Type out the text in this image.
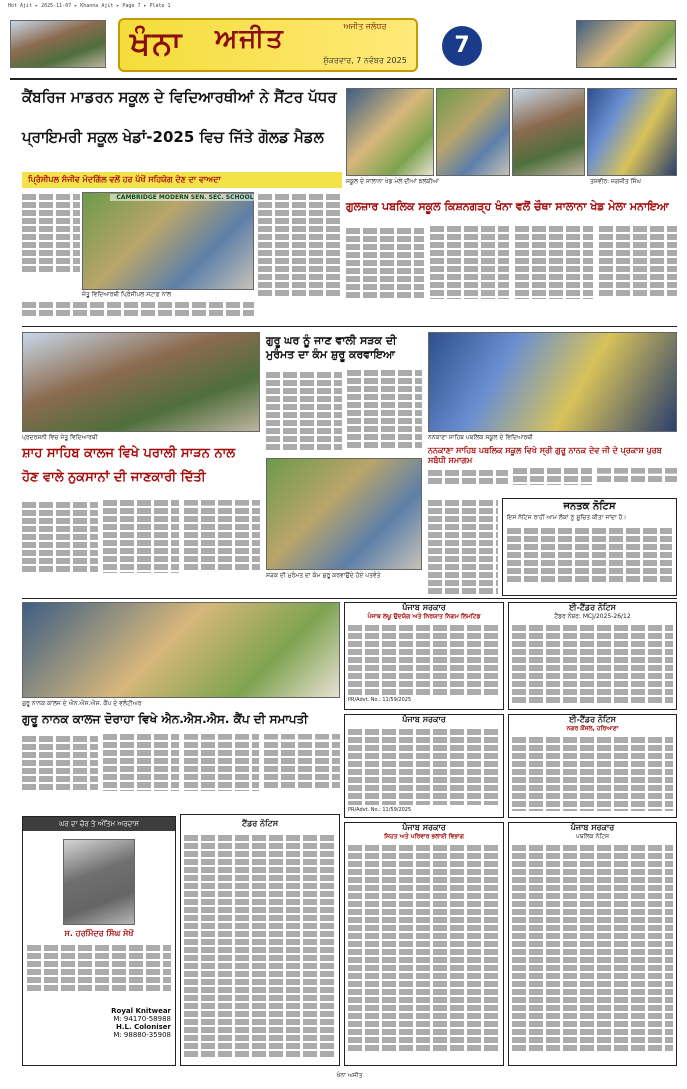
Hot Ajit ▸ 2025-11-07 ▸ Khanna Ajit ▸ Page 7 ▸ Plate 1
ਖੰਨਾ ਅਜੀਤ	ਅਜੀਤ ਜਲੰਧਰ
ਸ਼ੁੱਕਰਵਾਰ, 7 ਨਵੰਬਰ 2025
7
ਕੈਂਬਰਿਜ ਮਾਡਰਨ ਸਕੂਲ ਦੇ ਵਿਦਿਆਰਥੀਆਂ ਨੇ ਸੈਂਟਰ ਪੱਧਰ
ਪ੍ਰਾਇਮਰੀ ਸਕੂਲ ਖੇਡਾਂ-2025 ਵਿਚ ਜਿੱਤੇ ਗੋਲਡ ਮੈਡਲ
ਪ੍ਰਿੰਸੀਪਲ ਸੰਜੀਵ ਮੋਦਗਿੱਲ ਵਲੋਂ ਹਰ ਪੱਖੋਂ ਸਹਿਯੋਗ ਦੇਣ ਦਾ ਵਾਅਦਾ
CAMBRIDGE MODERN SEN. SEC. SCHOOL
ਜੇਤੂ ਵਿਦਿਆਰਥੀ ਪ੍ਰਿੰਸੀਪਲ ਸਟਾਫ਼ ਨਾਲ
ਸਕੂਲ ਦੇ ਸਾਲਾਨਾ ਖੇਡ ਮੇਲੇ ਦੀਆਂ ਝਲਕੀਆਂ	ਤਸਵੀਰ: ਜਗਜੀਤ ਸਿੰਘ
ਗੁਲਜ਼ਾਰ ਪਬਲਿਕ ਸਕੂਲ ਕਿਸ਼ਨਗੜ੍ਹ ਖੰਨਾ ਵਲੋਂ ਚੌਥਾ ਸਾਲਾਨਾ ਖੇਡ ਮੇਲਾ ਮਨਾਇਆ
ਪ੍ਰਦਰਸ਼ਨੀ ਵਿਚ ਜੇਤੂ ਵਿਦਿਆਰਥੀ
ਗੁਰੂ ਘਰ ਨੂੰ ਜਾਣ ਵਾਲੀ ਸੜਕ ਦੀ ਮੁਰੰਮਤ ਦਾ ਕੰਮ ਸ਼ੁਰੂ ਕਰਵਾਇਆ
ਸੜਕ ਦੀ ਮੁਰੰਮਤ ਦਾ ਕੰਮ ਸ਼ੁਰੂ ਕਰਵਾਉਂਦੇ ਹੋਏ ਪਤਵੰਤੇ
ਸ਼ਾਹ ਸਾਹਿਬ ਕਾਲਜ ਵਿਖੇ ਪਰਾਲੀ ਸਾੜਨ ਨਾਲ
ਹੋਣ ਵਾਲੇ ਨੁਕਸਾਨਾਂ ਦੀ ਜਾਣਕਾਰੀ ਦਿੱਤੀ
ਨਨਕਾਣਾ ਸਾਹਿਬ ਪਬਲਿਕ ਸਕੂਲ ਦੇ ਵਿਦਿਆਰਥੀ
ਨਨਕਾਣਾ ਸਾਹਿਬ ਪਬਲਿਕ ਸਕੂਲ ਵਿਖੇ ਸ੍ਰੀ ਗੁਰੂ ਨਾਨਕ ਦੇਵ ਜੀ ਦੇ ਪ੍ਰਕਾਸ਼ ਪੁਰਬ ਸਬੰਧੀ ਸਮਾਗਮ
ਜਨਤਕ ਨੋਟਿਸ
ਇਸ ਨੋਟਿਸ ਰਾਹੀਂ ਆਮ ਲੋਕਾਂ ਨੂੰ ਸੂਚਿਤ ਕੀਤਾ ਜਾਂਦਾ ਹੈ।
ਗੁਰੂ ਨਾਨਕ ਕਾਲਜ ਦੇ ਐਨ.ਐਸ.ਐਸ. ਕੈਂਪ ਦੇ ਵਲੰਟੀਅਰ
ਗੁਰੂ ਨਾਨਕ ਕਾਲਜ ਦੋਰਾਹਾ ਵਿਖੇ ਐਨ.ਐਸ.ਐਸ. ਕੈਂਪ ਦੀ ਸਮਾਪਤੀ
ਪੰਜਾਬ ਸਰਕਾਰ
ਪੰਜਾਬ ਲਘੂ ਉਦਯੋਗ ਅਤੇ ਨਿਰਯਾਤ ਨਿਗਮ ਲਿਮਟਿਡ
PR/Advt. No.: 11/59/2025
ਈ-ਟੈਂਡਰ ਨੋਟਿਸ
ਟੈਂਡਰ ਨੰਬਰ: MCJ/2025-26/12
ਪੰਜਾਬ ਸਰਕਾਰ
PR/Advt. No.: 11/59/2025
ਈ-ਟੈਂਡਰ ਨੋਟਿਸ
ਨਗਰ ਕੌਂਸਲ, ਹਰਿਆਣਾ
ਟੈਂਡਰ ਨੋਟਿਸ	ਪੰਜਾਬ ਸਰਕਾਰ
ਸਿਹਤ ਅਤੇ ਪਰਿਵਾਰ ਭਲਾਈ ਵਿਭਾਗ
ਪੰਜਾਬ ਸਰਕਾਰ
ਪਬਲਿਕ ਨੋਟਿਸ
ਘਰ ਦਾ ਚੋਰ ਤੇ ਅੰਤਿਮ ਅਰਦਾਸ
ਸ. ਹਰਮਿੰਦਰ ਸਿੰਘ ਸੇਖੋਂ
Royal Knitwear
M: 94170-58988
H.L. Coloniser
M: 98880-35908
ਖੰਨਾ ਅਜੀਤ
